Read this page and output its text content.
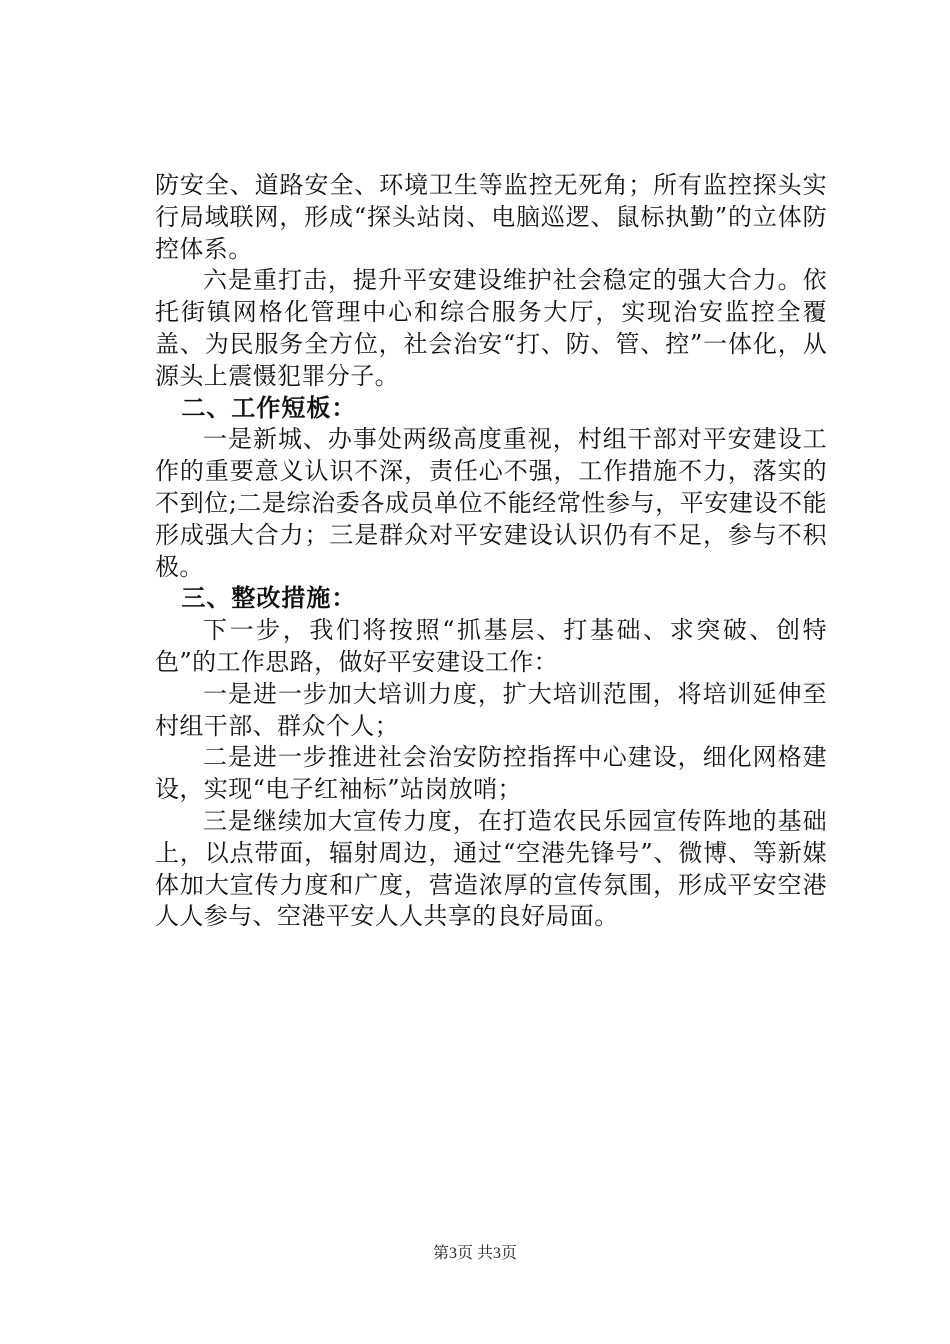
防安全、道路安全、环境卫生等监控无死角；所有监控探头实行局域联网，形成“探头站岗、电脑巡逻、鼠标执勤”的立体防控体系。

六是重打击，提升平安建设维护社会稳定的强大合力。依托街镇网格化管理中心和综合服务大厅，实现治安监控全覆盖、为民服务全方位，社会治安“打、防、管、控”一体化，从源头上震慑犯罪分子。

二、工作短板：

一是新城、办事处两级高度重视，村组干部对平安建设工作的重要意义认识不深，责任心不强，工作措施不力，落实的不到位;二是综治委各成员单位不能经常性参与，平安建设不能形成强大合力；三是群众对平安建设认识仍有不足，参与不积极。

三、整改措施：

下一步，我们将按照“抓基层、打基础、求突破、创特色”的工作思路，做好平安建设工作：

一是进一步加大培训力度，扩大培训范围，将培训延伸至村组干部、群众个人；

二是进一步推进社会治安防控指挥中心建设，细化网格建设，实现“电子红袖标”站岗放哨；

三是继续加大宣传力度，在打造农民乐园宣传阵地的基础上，以点带面，辐射周边，通过“空港先锋号”、微博、等新媒体加大宣传力度和广度，营造浓厚的宣传氛围，形成平安空港人人参与、空港平安人人共享的良好局面。

第3页 共3页
